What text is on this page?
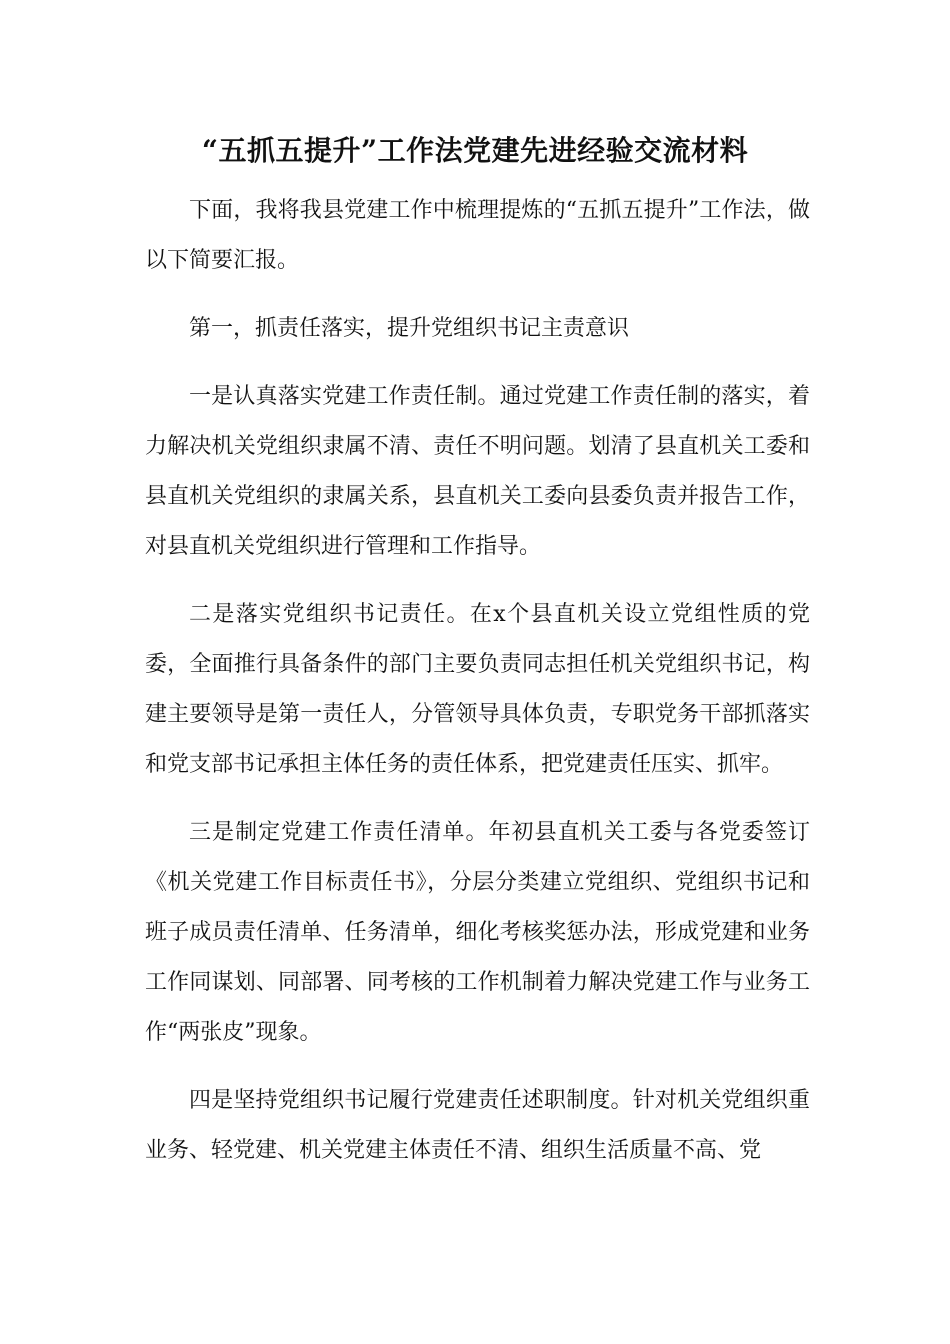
“五抓五提升”工作法党建先进经验交流材料

下面，我将我县党建工作中梳理提炼的“五抓五提升”工作法，做以下简要汇报。

第一，抓责任落实，提升党组织书记主责意识

一是认真落实党建工作责任制。通过党建工作责任制的落实，着力解决机关党组织隶属不清、责任不明问题。划清了县直机关工委和县直机关党组织的隶属关系，县直机关工委向县委负责并报告工作，对县直机关党组织进行管理和工作指导。

二是落实党组织书记责任。在x个县直机关设立党组性质的党委，全面推行具备条件的部门主要负责同志担任机关党组织书记，构建主要领导是第一责任人，分管领导具体负责，专职党务干部抓落实和党支部书记承担主体任务的责任体系，把党建责任压实、抓牢。

三是制定党建工作责任清单。年初县直机关工委与各党委签订《机关党建工作目标责任书》，分层分类建立党组织、党组织书记和班子成员责任清单、任务清单，细化考核奖惩办法，形成党建和业务工作同谋划、同部署、同考核的工作机制着力解决党建工作与业务工作“两张皮”现象。

四是坚持党组织书记履行党建责任述职制度。针对机关党组织重业务、轻党建、机关党建主体责任不清、组织生活质量不高、党
